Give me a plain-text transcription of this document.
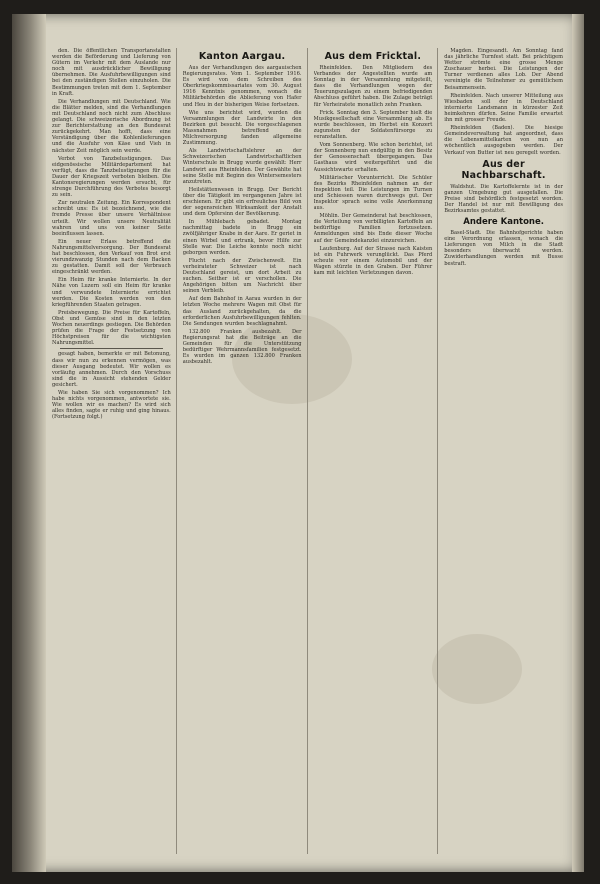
den. Die öffentlichen Transportanstalten werden die Beförderung und Lieferung von Gütern im Verkehr mit dem Auslande nur noch mit ausdrücklicher Bewilligung übernehmen. Die Ausfuhrbewilligungen sind bei den zuständigen Stellen einzuholen. Die Bestimmungen treten mit dem 1. September in Kraft.

Die Verhandlungen mit Deutschland. Wie die Blätter melden, sind die Verhandlungen mit Deutschland noch nicht zum Abschluss gelangt. Die schweizerische Abordnung ist zur Berichterstattung an den Bundesrat zurückgekehrt. Man hofft, dass eine Verständigung über die Kohlenlieferungen und die Ausfuhr von Käse und Vieh in nächster Zeit möglich sein werde.

Verbot von Tanzbelustigungen. Das eidgenössische Militärdepartement hat verfügt, dass die Tanzbelustigungen für die Dauer der Kriegszeit verboten bleiben. Die Kantonsregierungen werden ersucht, für strenge Durchführung des Verbotes besorgt zu sein.

Zur neutralen Zeitung. Ein Korrespondent schreibt uns: Es ist bezeichnend, wie die fremde Presse über unsere Verhältnisse urteilt. Wir wollen unsere Neutralität wahren und uns von keiner Seite beeinflussen lassen.

Ein neuer Erlass betreffend die Nahrungsmittelversorgung. Der Bundesrat hat beschlossen, den Verkauf von Brot erst vierundzwanzig Stunden nach dem Backen zu gestatten. Damit soll der Verbrauch eingeschränkt werden.

Ein Heim für kranke Internierte. In der Nähe von Luzern soll ein Heim für kranke und verwundete Internierte errichtet werden. Die Kosten werden von den kriegführenden Staaten getragen.

Preisbewegung. Die Preise für Kartoffeln, Obst und Gemüse sind in den letzten Wochen neuerdings gestiegen. Die Behörden prüfen die Frage der Festsetzung von Höchstpreisen für die wichtigsten Nahrungsmittel.

gesagt haben, bemerkte er mit Betonung, dass wir nun zu erkennen vermögen, was dieser Ausgang bedeutet. Wir wollen es vorläufig annehmen. Durch den Vorschuss sind die in Aussicht stehenden Gelder gesichert.

Wie haben Sie sich vorgenommen? Ich habe nichts vorgenommen, antwortete sie. Wie wollen wir es machen? Es wird sich alles finden, sagte er ruhig und ging hinaus. (Fortsetzung folgt.)

Kanton Aargau.

Aus der Verhandlungen des aargauischen Regierungsrates. Vom 1. September 1916. Es wird von dem Schreiben des Oberkriegskommissariates vom 30. August 1916 Kenntnis genommen, wonach die Militärbehörden die Ablieferung von Hafer und Heu in der bisherigen Weise fortsetzen.

Wie uns berichtet wird, wurden die Versammlungen der Landwirte in den Bezirken gut besucht. Die vorgeschlagenen Massnahmen betreffend die Milchversorgung fanden allgemeine Zustimmung.

Als Landwirtschaftslehrer an der Schweizerischen Landwirtschaftlichen Winterschule in Brugg wurde gewählt: Herr Landwirt aus Rheinfelden. Der Gewählte hat seine Stelle mit Beginn des Wintersemesters anzutreten.

Heilstättenwesen in Brugg. Der Bericht über die Tätigkeit im vergangenen Jahre ist erschienen. Er gibt ein erfreuliches Bild von der segensreichen Wirksamkeit der Anstalt und dem Opfersinn der Bevölkerung.

In Mühlebach gebadet. Montag nachmittag badete in Brugg ein zwölfjähriger Knabe in der Aare. Er geriet in einen Wirbel und ertrank, bevor Hilfe zur Stelle war. Die Leiche konnte noch nicht geborgen werden.

Flucht nach der Zwischenwelt. Ein verheirateter Schweizer ist nach Deutschland gereist, um dort Arbeit zu suchen. Seither ist er verschollen. Die Angehörigen bitten um Nachricht über seinen Verbleib.

Auf dem Bahnhof in Aarau wurden in der letzten Woche mehrere Wagen mit Obst für das Ausland zurückgehalten, da die erforderlichen Ausfuhrbewilligungen fehlten. Die Sendungen wurden beschlagnahmt.

132.800 Franken ausbezahlt. Der Regierungsrat hat die Beiträge an die Gemeinden für die Unterstützung bedürftiger Wehrmannsfamilien festgesetzt. Es wurden im ganzen 132.800 Franken ausbezahlt.

Aus dem Fricktal.

Rheinfelden. Den Mitgliedern des Verbandes der Angestellten wurde am Sonntag in der Versammlung mitgeteilt, dass die Verhandlungen wegen der Teuerungszulagen zu einem befriedigenden Abschluss geführt haben. Die Zulage beträgt für Verheiratete monatlich zehn Franken.

Frick. Sonntag den 3. September hielt die Musikgesellschaft eine Versammlung ab. Es wurde beschlossen, im Herbst ein Konzert zugunsten der Soldatenfürsorge zu veranstalten.

Vom Sonnenberg. Wie schon berichtet, ist der Sonnenberg nun endgültig in den Besitz der Genossenschaft übergegangen. Das Gasthaus wird weitergeführt und die Aussichtswarte erhalten.

Militärischer Vorunterricht. Die Schüler des Bezirks Rheinfelden nahmen an der Inspektion teil. Die Leistungen im Turnen und Schiessen waren durchwegs gut. Der Inspektor sprach seine volle Anerkennung aus.

Möhlin. Der Gemeinderat hat beschlossen, die Verteilung von verbilligten Kartoffeln an bedürftige Familien fortzusetzen. Anmeldungen sind bis Ende dieser Woche auf der Gemeindekanzlei einzureichen.

Laufenburg. Auf der Strasse nach Kaisten ist ein Fuhrwerk verunglückt. Das Pferd scheute vor einem Automobil und der Wagen stürzte in den Graben. Der Führer kam mit leichten Verletzungen davon.

Magden. Eingesandt. Am Sonntag fand das jährliche Turnfest statt. Bei prächtigem Wetter strömte eine grosse Menge Zuschauer herbei. Die Leistungen der Turner verdienen alles Lob. Der Abend vereinigte die Teilnehmer zu gemütlichem Beisammensein.

Rheinfelden. Nach unserer Mitteilung aus Wiesbaden soll der in Deutschland internierte Landsmann in kürzester Zeit heimkehren dürfen. Seine Familie erwartet ihn mit grosser Freude.

Rheinfelden (Baden). Die hiesige Gemeindeverwaltung hat angeordnet, dass die Lebensmittelkarten von nun an wöchentlich ausgegeben werden. Der Verkauf von Butter ist neu geregelt worden.

Aus der Nachbarschaft.

Waldshut. Die Kartoffelernte ist in der ganzen Umgebung gut ausgefallen. Die Preise sind behördlich festgesetzt worden. Der Handel ist nur mit Bewilligung des Bezirksamtes gestattet.

Andere Kantone.

Basel-Stadt. Die Bahnhofgerichte haben eine Verordnung erlassen, wonach die Lieferungen von Milch in die Stadt besonders überwacht werden. Zuwiderhandlungen werden mit Busse bestraft.
